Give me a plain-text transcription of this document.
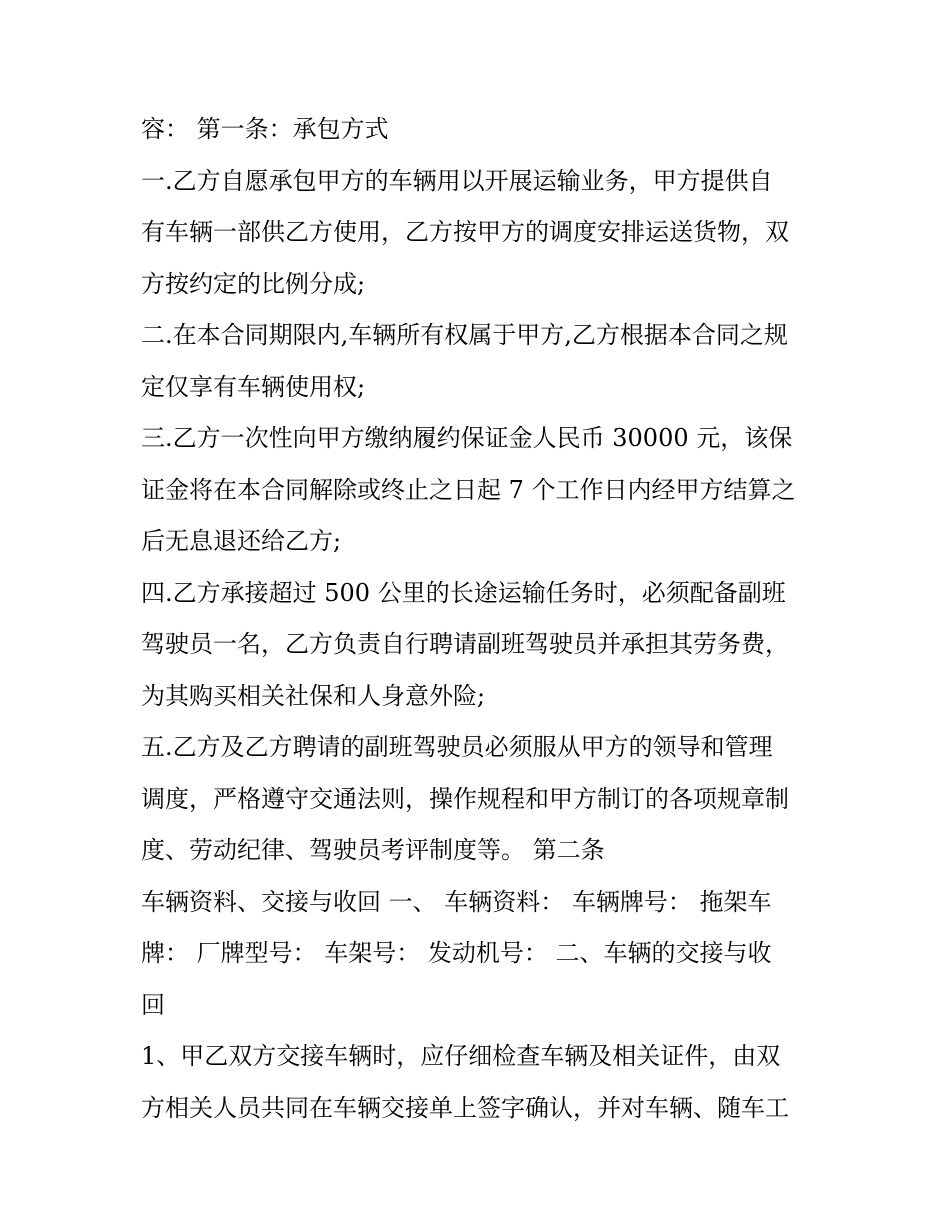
容： 第一条：承包方式
一.乙方自愿承包甲方的车辆用以开展运输业务，甲方提供自
有车辆一部供乙方使用，乙方按甲方的调度安排运送货物，双
方按约定的比例分成;
二.在本合同期限内,车辆所有权属于甲方,乙方根据本合同之规
定仅享有车辆使用权;
三.乙方一次性向甲方缴纳履约保证金人民币 30000 元，该保
证金将在本合同解除或终止之日起 7 个工作日内经甲方结算之
后无息退还给乙方;
四.乙方承接超过 500 公里的长途运输任务时，必须配备副班
驾驶员一名，乙方负责自行聘请副班驾驶员并承担其劳务费，
为其购买相关社保和人身意外险;
五.乙方及乙方聘请的副班驾驶员必须服从甲方的领导和管理
调度，严格遵守交通法则，操作规程和甲方制订的各项规章制
度、劳动纪律、驾驶员考评制度等。 第二条
车辆资料、交接与收回 一、 车辆资料： 车辆牌号： 拖架车
牌： 厂牌型号： 车架号： 发动机号： 二、车辆的交接与收
回
1、甲乙双方交接车辆时，应仔细检查车辆及相关证件，由双
方相关人员共同在车辆交接单上签字确认，并对车辆、随车工
